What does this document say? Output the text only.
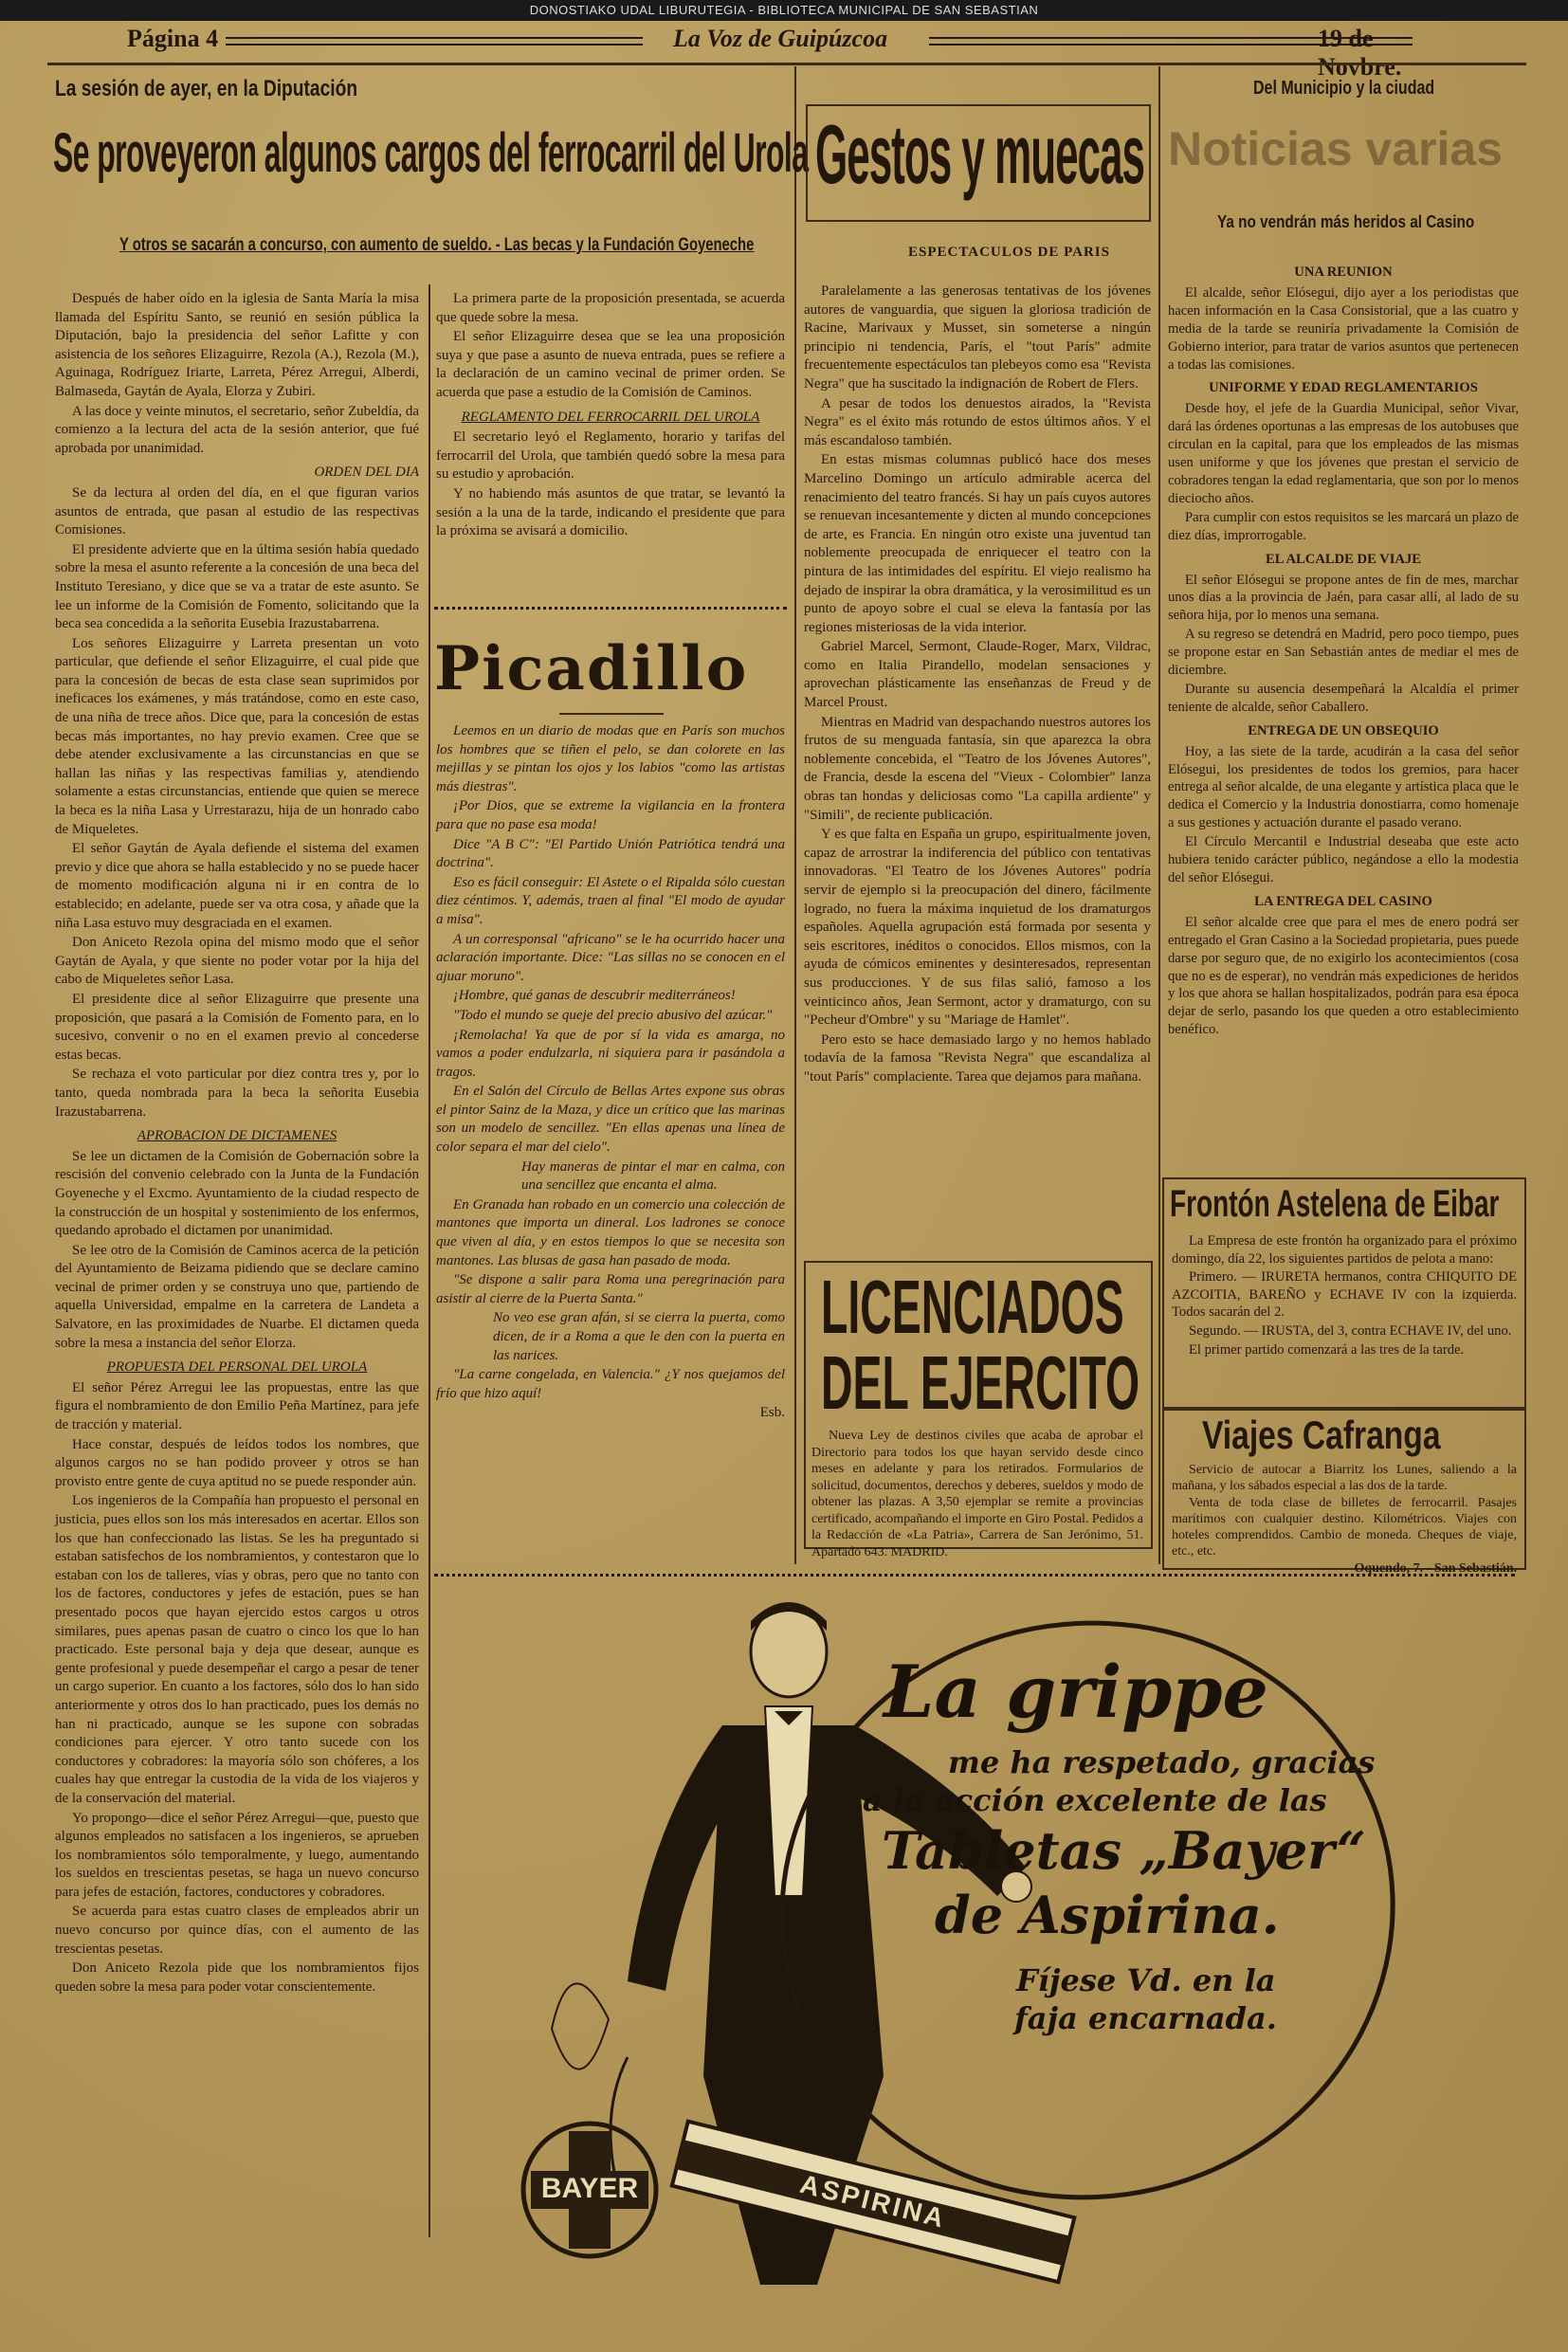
DONOSTIAKO UDAL LIBURUTEGIA - BIBLIOTECA MUNICIPAL DE SAN SEBASTIAN
Página 4	La Voz de Guipúzcoa	19 de Novbre.
La sesión de ayer, en la Diputación
Se proveyeron algunos cargos del ferrocarril del Urola
Y otros se sacarán a concurso, con aumento de sueldo. - Las becas y la Fundación Goyeneche

Después de haber oído en la iglesia de Santa María la misa llamada del Espíritu Santo, se reunió en sesión pública la Diputación, bajo la presidencia del señor Lafitte y con asistencia de los señores Elizaguirre, Rezola (A.), Rezola (M.), Aguinaga, Rodríguez Iriarte, Larreta, Pérez Arregui, Alberdi, Balmaseda, Gaytán de Ayala, Elorza y Zubiri.

A las doce y veinte minutos, el secretario, señor Zubeldía, da comienzo a la lectura del acta de la sesión anterior, que fué aprobada por unanimidad.

ORDEN DEL DIA

Se da lectura al orden del día, en el que figuran varios asuntos de entrada, que pasan al estudio de las respectivas Comisiones.

El presidente advierte que en la última sesión había quedado sobre la mesa el asunto referente a la concesión de una beca del Instituto Teresiano, y dice que se va a tratar de este asunto. Se lee un informe de la Comisión de Fomento, solicitando que la beca sea concedida a la señorita Eusebia Irazustabarrena.

Los señores Elizaguirre y Larreta presentan un voto particular, que defiende el señor Elizaguirre, el cual pide que para la concesión de becas de esta clase sean suprimidos por ineficaces los exámenes, y más tratándose, como en este caso, de una niña de trece años. Dice que, para la concesión de estas becas más importantes, no hay previo examen. Cree que se debe atender exclusivamente a las circunstancias en que se hallan las niñas y las respectivas familias y, atendiendo solamente a estas circunstancias, entiende que quien se merece la beca es la niña Lasa y Urrestarazu, hija de un honrado cabo de Miqueletes.

El señor Gaytán de Ayala defiende el sistema del examen previo y dice que ahora se halla establecido y no se puede hacer de momento modificación alguna ni ir en contra de lo establecido; en adelante, puede ser va otra cosa, y añade que la niña Lasa estuvo muy desgraciada en el examen.

Don Aniceto Rezola opina del mismo modo que el señor Gaytán de Ayala, y que siente no poder votar por la hija del cabo de Miqueletes señor Lasa.

El presidente dice al señor Elizaguirre que presente una proposición, que pasará a la Comisión de Fomento para, en lo sucesivo, convenir o no en el examen previo al concederse estas becas.

Se rechaza el voto particular por diez contra tres y, por lo tanto, queda nombrada para la beca la señorita Eusebia Irazustabarrena.

APROBACION DE DICTAMENES

Se lee un dictamen de la Comisión de Gobernación sobre la rescisión del convenio celebrado con la Junta de la Fundación Goyeneche y el Excmo. Ayuntamiento de la ciudad respecto de la construcción de un hospital y sostenimiento de los enfermos, quedando aprobado el dictamen por unanimidad.

Se lee otro de la Comisión de Caminos acerca de la petición del Ayuntamiento de Beizama pidiendo que se declare camino vecinal de primer orden y se construya uno que, partiendo de aquella Universidad, empalme en la carretera de Landeta a Salvatore, en las proximidades de Nuarbe. El dictamen queda sobre la mesa a instancia del señor Elorza.

PROPUESTA DEL PERSONAL DEL UROLA

El señor Pérez Arregui lee las propuestas, entre las que figura el nombramiento de don Emilio Peña Martínez, para jefe de tracción y material.

Hace constar, después de leídos todos los nombres, que algunos cargos no se han podido proveer y otros se han provisto entre gente de cuya aptitud no se puede responder aún.

Los ingenieros de la Compañía han propuesto el personal en justicia, pues ellos son los más interesados en acertar. Ellos son los que han confeccionado las listas. Se les ha preguntado si estaban satisfechos de los nombramientos, y contestaron que lo estaban con los de talleres, vías y obras, pero que no tanto con los de factores, conductores y jefes de estación, pues se han presentado pocos que hayan ejercido estos cargos u otros similares, pues apenas pasan de cuatro o cinco los que lo han practicado. Este personal baja y deja que desear, aunque es gente profesional y puede desempeñar el cargo a pesar de tener un cargo superior. En cuanto a los factores, sólo dos lo han sido anteriormente y otros dos lo han practicado, pues los demás no han ni practicado, aunque se les supone con sobradas condiciones para ejercer. Y otro tanto sucede con los conductores y cobradores: la mayoría sólo son chóferes, a los cuales hay que entregar la custodia de la vida de los viajeros y de la conservación del material.

Yo propongo—dice el señor Pérez Arregui—que, puesto que algunos empleados no satisfacen a los ingenieros, se aprueben los nombramientos sólo temporalmente, y luego, aumentando los sueldos en trescientas pesetas, se haga un nuevo concurso para jefes de estación, factores, conductores y cobradores.

Se acuerda para estas cuatro clases de empleados abrir un nuevo concurso por quince días, con el aumento de las trescientas pesetas.

Don Aniceto Rezola pide que los nombramientos fijos queden sobre la mesa para poder votar conscientemente.

La primera parte de la proposición presentada, se acuerda que quede sobre la mesa.

El señor Elizaguirre desea que se lea una proposición suya y que pase a asunto de nueva entrada, pues se refiere a la declaración de un camino vecinal de primer orden. Se acuerda que pase a estudio de la Comisión de Caminos.

REGLAMENTO DEL FERROCARRIL DEL UROLA

El secretario leyó el Reglamento, horario y tarifas del ferrocarril del Urola, que también quedó sobre la mesa para su estudio y aprobación.

Y no habiendo más asuntos de que tratar, se levantó la sesión a la una de la tarde, indicando el presidente que para la próxima se avisará a domicilio.

Picadillo

Leemos en un diario de modas que en París son muchos los hombres que se tiñen el pelo, se dan colorete en las mejillas y se pintan los ojos y los labios "como las artistas más diestras".

¡Por Dios, que se extreme la vigilancia en la frontera para que no pase esa moda!

Dice "A B C": "El Partido Unión Patriótica tendrá una doctrina".

Eso es fácil conseguir: El Astete o el Ripalda sólo cuestan diez céntimos. Y, además, traen al final "El modo de ayudar a misa".

A un corresponsal "africano" se le ha ocurrido hacer una aclaración importante. Dice: "Las sillas no se conocen en el ajuar moruno".

¡Hombre, qué ganas de descubrir mediterráneos!

"Todo el mundo se queje del precio abusivo del azúcar."

¡Remolacha! Ya que de por sí la vida es amarga, no vamos a poder endulzarla, ni siquiera para ir pasándola a tragos.

En el Salón del Círculo de Bellas Artes expone sus obras el pintor Sainz de la Maza, y dice un crítico que las marinas son un modelo de sencillez. "En ellas apenas una línea de color separa el mar del cielo".

Hay maneras de pintar el mar en calma, con una sencillez que encanta el alma.

En Granada han robado en un comercio una colección de mantones que importa un dineral. Los ladrones se conoce que viven al día, y en estos tiempos lo que se necesita son mantones. Las blusas de gasa han pasado de moda.

"Se dispone a salir para Roma una peregrinación para asistir al cierre de la Puerta Santa."

No veo ese gran afán, si se cierra la puerta, como dicen, de ir a Roma a que le den con la puerta en las narices.

"La carne congelada, en Valencia." ¿Y nos quejamos del frío que hizo aquí!

Esb.

Gestos y muecas
ESPECTACULOS DE PARIS

Paralelamente a las generosas tentativas de los jóvenes autores de vanguardia, que siguen la gloriosa tradición de Racine, Marivaux y Musset, sin someterse a ningún principio ni tendencia, París, el "tout París" admite frecuentemente espectáculos tan plebeyos como esa "Revista Negra" que ha suscitado la indignación de Robert de Flers.

A pesar de todos los denuestos airados, la "Revista Negra" es el éxito más rotundo de estos últimos años. Y el más escandaloso también.

En estas mismas columnas publicó hace dos meses Marcelino Domingo un artículo admirable acerca del renacimiento del teatro francés. Si hay un país cuyos autores se renuevan incesantemente y dicten al mundo concepciones de arte, es Francia. En ningún otro existe una juventud tan noblemente preocupada de enriquecer el teatro con la pintura de las intimidades del espíritu. El viejo realismo ha dejado de inspirar la obra dramática, y la verosimilitud es un punto de apoyo sobre el cual se eleva la fantasía por las regiones misteriosas de la vida interior.

Gabriel Marcel, Sermont, Claude-Roger, Marx, Vildrac, como en Italia Pirandello, modelan sensaciones y aprovechan plásticamente las enseñanzas de Freud y de Marcel Proust.

Mientras en Madrid van despachando nuestros autores los frutos de su menguada fantasía, sin que aparezca la obra noblemente concebida, el "Teatro de los Jóvenes Autores", de Francia, desde la escena del "Vieux - Colombier" lanza obras tan hondas y deliciosas como "La capilla ardiente" y "Simili", de reciente publicación.

Y es que falta en España un grupo, espiritualmente joven, capaz de arrostrar la indiferencia del público con tentativas innovadoras. "El Teatro de los Jóvenes Autores" podría servir de ejemplo si la preocupación del dinero, fácilmente logrado, no fuera la máxima inquietud de los dramaturgos españoles. Aquella agrupación está formada por sesenta y seis escritores, inéditos o conocidos. Ellos mismos, con la ayuda de cómicos eminentes y desinteresados, representan sus producciones. Y de sus filas salió, famoso a los veinticinco años, Jean Sermont, actor y dramaturgo, con su "Pecheur d'Ombre" y su "Mariage de Hamlet".

Pero esto se hace demasiado largo y no hemos hablado todavía de la famosa "Revista Negra" que escandaliza al "tout París" complaciente. Tarea que dejamos para mañana.

LICENCIADOS
DEL EJERCITO

Nueva Ley de destinos civiles que acaba de aprobar el Directorio para todos los que hayan servido desde cinco meses en adelante y para los retirados. Formularios de solicitud, documentos, derechos y deberes, sueldos y modo de obtener las plazas. A 3,50 ejemplar se remite a provincias certificado, acompañando el importe en Giro Postal. Pedidos a la Redacción de «La Patria», Carrera de San Jerónimo, 51. Apartado 643. MADRID.

Del Municipio y la ciudad
Noticias varias
Ya no vendrán más heridos al Casino

UNA REUNION

El alcalde, señor Elósegui, dijo ayer a los periodistas que hacen información en la Casa Consistorial, que a las cuatro y media de la tarde se reuniría privadamente la Comisión de Gobierno interior, para tratar de varios asuntos que pertenecen a todas las comisiones.

UNIFORME Y EDAD REGLAMENTARIOS

Desde hoy, el jefe de la Guardia Municipal, señor Vivar, dará las órdenes oportunas a las empresas de los autobuses que circulan en la capital, para que los empleados de las mismas usen uniforme y que los jóvenes que prestan el servicio de cobradores tengan la edad reglamentaria, que son por lo menos dieciocho años.

Para cumplir con estos requisitos se les marcará un plazo de diez días, improrrogable.

EL ALCALDE DE VIAJE

El señor Elósegui se propone antes de fin de mes, marchar unos días a la provincia de Jaén, para casar allí, al lado de su señora hija, por lo menos una semana.

A su regreso se detendrá en Madrid, pero poco tiempo, pues se propone estar en San Sebastián antes de mediar el mes de diciembre.

Durante su ausencia desempeñará la Alcaldía el primer teniente de alcalde, señor Caballero.

ENTREGA DE UN OBSEQUIO

Hoy, a las siete de la tarde, acudirán a la casa del señor Elósegui, los presidentes de todos los gremios, para hacer entrega al señor alcalde, de una elegante y artística placa que le dedica el Comercio y la Industria donostiarra, como homenaje a sus gestiones y actuación durante el pasado verano.

El Círculo Mercantil e Industrial deseaba que este acto hubiera tenido carácter público, negándose a ello la modestia del señor Elósegui.

LA ENTREGA DEL CASINO

El señor alcalde cree que para el mes de enero podrá ser entregado el Gran Casino a la Sociedad propietaria, pues puede darse por seguro que, de no exigirlo los acontecimientos (cosa que no es de esperar), no vendrán más expediciones de heridos y los que ahora se hallan hospitalizados, podrán para esa época dejar de serlo, pasando los que queden a otro establecimiento benéfico.

Frontón Astelena de Eibar

La Empresa de este frontón ha organizado para el próximo domingo, día 22, los siguientes partidos de pelota a mano:

Primero. — IRURETA hermanos, contra CHIQUITO DE AZCOITIA, BAREÑO y ECHAVE IV con la izquierda. Todos sacarán del 2.

Segundo. — IRUSTA, del 3, contra ECHAVE IV, del uno.

El primer partido comenzará a las tres de la tarde.

Viajes Cafranga

Servicio de autocar a Biarritz los Lunes, saliendo a la mañana, y los sábados especial a las dos de la tarde.

Venta de toda clase de billetes de ferrocarril. Pasajes marítimos con cualquier destino. Kilométricos. Viajes con hoteles comprendidos. Cambio de moneda. Cheques de viaje, etc., etc.

Oquendo, 7. - San Sebastián.

BAYER	ASPIRINA
La grippe
me ha respetado, gracias
a la acción excelente de las
Tabletas „Bayer“
de Aspirina.
Fíjese Vd. en la
faja encarnada.
